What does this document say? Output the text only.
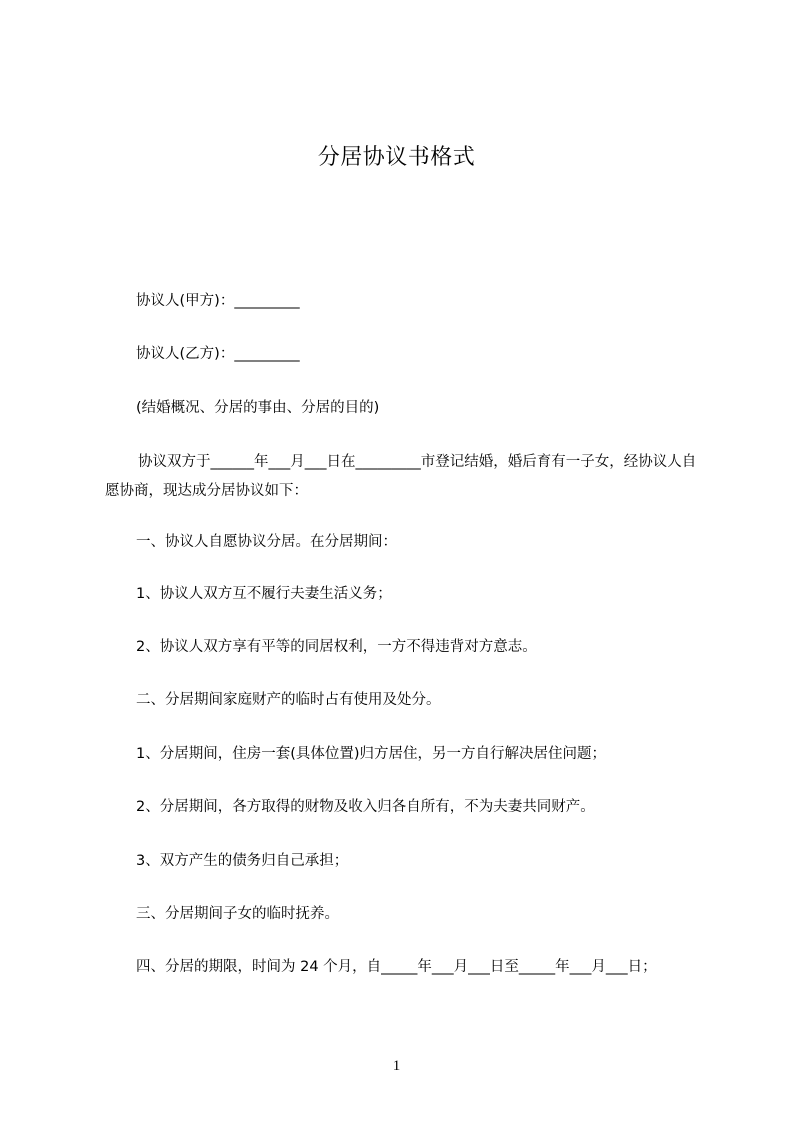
分居协议书格式
协议人(甲方)：_________
协议人(乙方)：_________
(结婚概况、分居的事由、分居的目的)
协议双方于______年___月___日在_________市登记结婚，婚后育有一子女，经协议人自愿协商，现达成分居协议如下：
一、协议人自愿协议分居。在分居期间：
1、协议人双方互不履行夫妻生活义务；
2、协议人双方享有平等的同居权利，一方不得违背对方意志。
二、分居期间家庭财产的临时占有使用及处分。
1、分居期间，住房一套(具体位置)归方居住，另一方自行解决居住问题；
2、分居期间，各方取得的财物及收入归各自所有，不为夫妻共同财产。
3、双方产生的债务归自己承担；
三、分居期间子女的临时抚养。
四、分居的期限，时间为 24 个月，自_____年___月___日至_____年___月___日；
1
